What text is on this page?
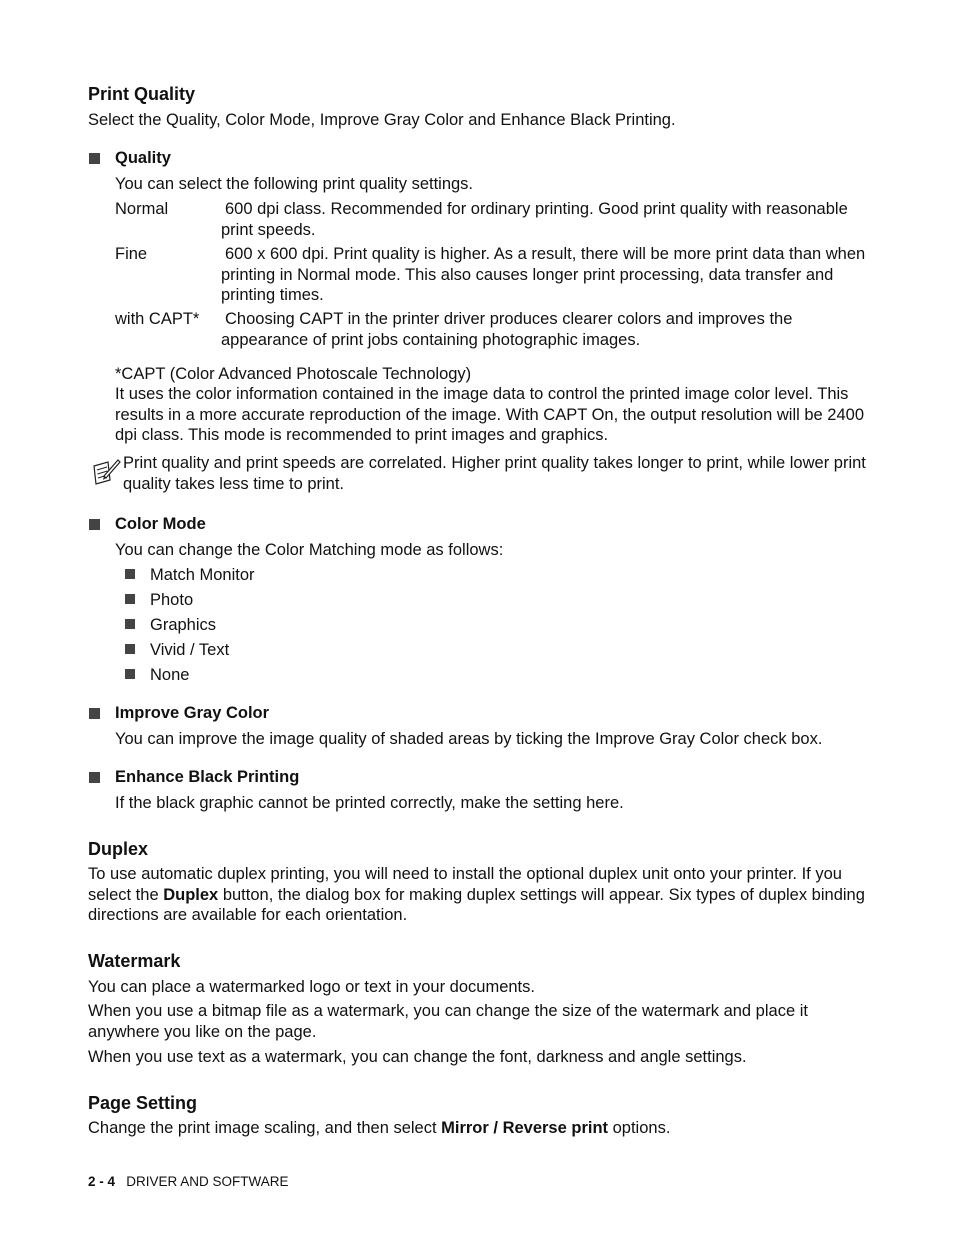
Print Quality
Select the Quality, Color Mode, Improve Gray Color and Enhance Black Printing.
Quality
You can select the following print quality settings.
Normal	600 dpi class. Recommended for ordinary printing. Good print quality with reasonable print speeds.
Fine	600 x 600 dpi. Print quality is higher. As a result, there will be more print data than when printing in Normal mode. This also causes longer print processing, data transfer and printing times.
with CAPT* Choosing CAPT in the printer driver produces clearer colors and improves the appearance of print jobs containing photographic images.
*CAPT (Color Advanced Photoscale Technology)
It uses the color information contained in the image data to control the printed image color level. This results in a more accurate reproduction of the image. With CAPT On, the output resolution will be 2400 dpi class. This mode is recommended to print images and graphics.
Print quality and print speeds are correlated. Higher print quality takes longer to print, while lower print quality takes less time to print.
Color Mode
You can change the Color Matching mode as follows:
Match Monitor
Photo
Graphics
Vivid / Text
None
Improve Gray Color
You can improve the image quality of shaded areas by ticking the Improve Gray Color check box.
Enhance Black Printing
If the black graphic cannot be printed correctly, make the setting here.
Duplex
To use automatic duplex printing, you will need to install the optional duplex unit onto your printer. If you select the Duplex button, the dialog box for making duplex settings will appear. Six types of duplex binding directions are available for each orientation.
Watermark
You can place a watermarked logo or text in your documents.
When you use a bitmap file as a watermark, you can change the size of the watermark and place it anywhere you like on the page.
When you use text as a watermark, you can change the font, darkness and angle settings.
Page Setting
Change the print image scaling, and then select Mirror / Reverse print options.
2 - 4 DRIVER AND SOFTWARE
